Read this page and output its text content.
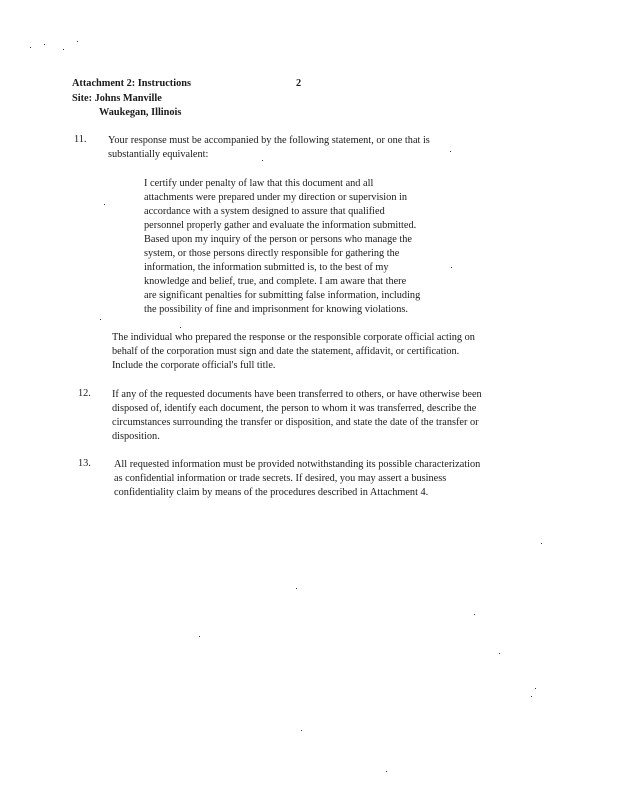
Attachment 2: Instructions	2
Site: Johns Manville
Waukegan, Illinois
11. Your response must be accompanied by the following statement, or one that is
substantially equivalent:
I certify under penalty of law that this document and all
attachments were prepared under my direction or supervision in
accordance with a system designed to assure that qualified
personnel properly gather and evaluate the information submitted.
Based upon my inquiry of the person or persons who manage the
system, or those persons directly responsible for gathering the
information, the information submitted is, to the best of my
knowledge and belief, true, and complete. I am aware that there
are significant penalties for submitting false information, including
the possibility of fine and imprisonment for knowing violations.
The individual who prepared the response or the responsible corporate official acting on
behalf of the corporation must sign and date the statement, affidavit, or certification.
Include the corporate official's full title.
12. If any of the requested documents have been transferred to others, or have otherwise been
disposed of, identify each document, the person to whom it was transferred, describe the
circumstances surrounding the transfer or disposition, and state the date of the transfer or
disposition.
13. All requested information must be provided notwithstanding its possible characterization
as confidential information or trade secrets. If desired, you may assert a business
confidentiality claim by means of the procedures described in Attachment 4.
